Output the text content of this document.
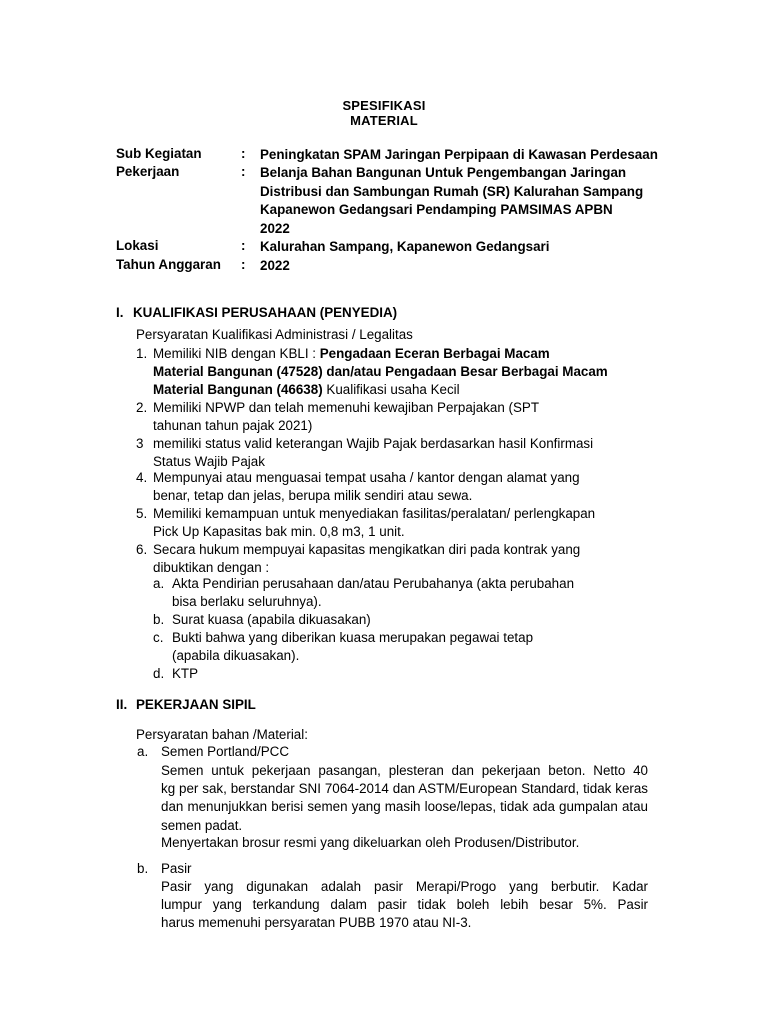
SPESIFIKASI
MATERIAL
Sub Kegiatan	: Peningkatan SPAM Jaringan Perpipaan di Kawasan Perdesaan
Pekerjaan	: Belanja Bahan Bangunan Untuk Pengembangan Jaringan
Distribusi dan Sambungan Rumah (SR) Kalurahan Sampang
Kapanewon Gedangsari Pendamping PAMSIMAS APBN
2022
Lokasi	: Kalurahan Sampang, Kapanewon Gedangsari
Tahun Anggaran : 2022
I. KUALIFIKASI PERUSAHAAN (PENYEDIA)
Persyaratan Kualifikasi Administrasi / Legalitas
1. Memiliki NIB dengan KBLI : Pengadaan Eceran Berbagai Macam
Material Bangunan (47528) dan/atau Pengadaan Besar Berbagai Macam
Material Bangunan (46638) Kualifikasi usaha Kecil
2. Memiliki NPWP dan telah memenuhi kewajiban Perpajakan (SPT
tahunan tahun pajak 2021)
3 memiliki status valid keterangan Wajib Pajak berdasarkan hasil Konfirmasi
Status Wajib Pajak
4. Mempunyai atau menguasai tempat usaha / kantor dengan alamat yang
benar, tetap dan jelas, berupa milik sendiri atau sewa.
5. Memiliki kemampuan untuk menyediakan fasilitas/peralatan/ perlengkapan
Pick Up Kapasitas bak min. 0,8 m3, 1 unit.
6. Secara hukum mempuyai kapasitas mengikatkan diri pada kontrak yang
dibuktikan dengan :
a. Akta Pendirian perusahaan dan/atau Perubahanya (akta perubahan
bisa berlaku seluruhnya).
b. Surat kuasa (apabila dikuasakan)
c. Bukti bahwa yang diberikan kuasa merupakan pegawai tetap
(apabila dikuasakan).
d. KTP
II. PEKERJAAN SIPIL
Persyaratan bahan /Material:
a. Semen Portland/PCC
Semen untuk pekerjaan pasangan, plesteran dan pekerjaan beton. Netto 40
kg per sak, berstandar SNI 7064-2014 dan ASTM/European Standard, tidak keras
dan menunjukkan berisi semen yang masih loose/lepas, tidak ada gumpalan atau
semen padat.
Menyertakan brosur resmi yang dikeluarkan oleh Produsen/Distributor.
b. Pasir
Pasir yang digunakan adalah pasir Merapi/Progo yang berbutir. Kadar
lumpur yang terkandung dalam pasir tidak boleh lebih besar 5%. Pasir
harus memenuhi persyaratan PUBB 1970 atau NI-3.
